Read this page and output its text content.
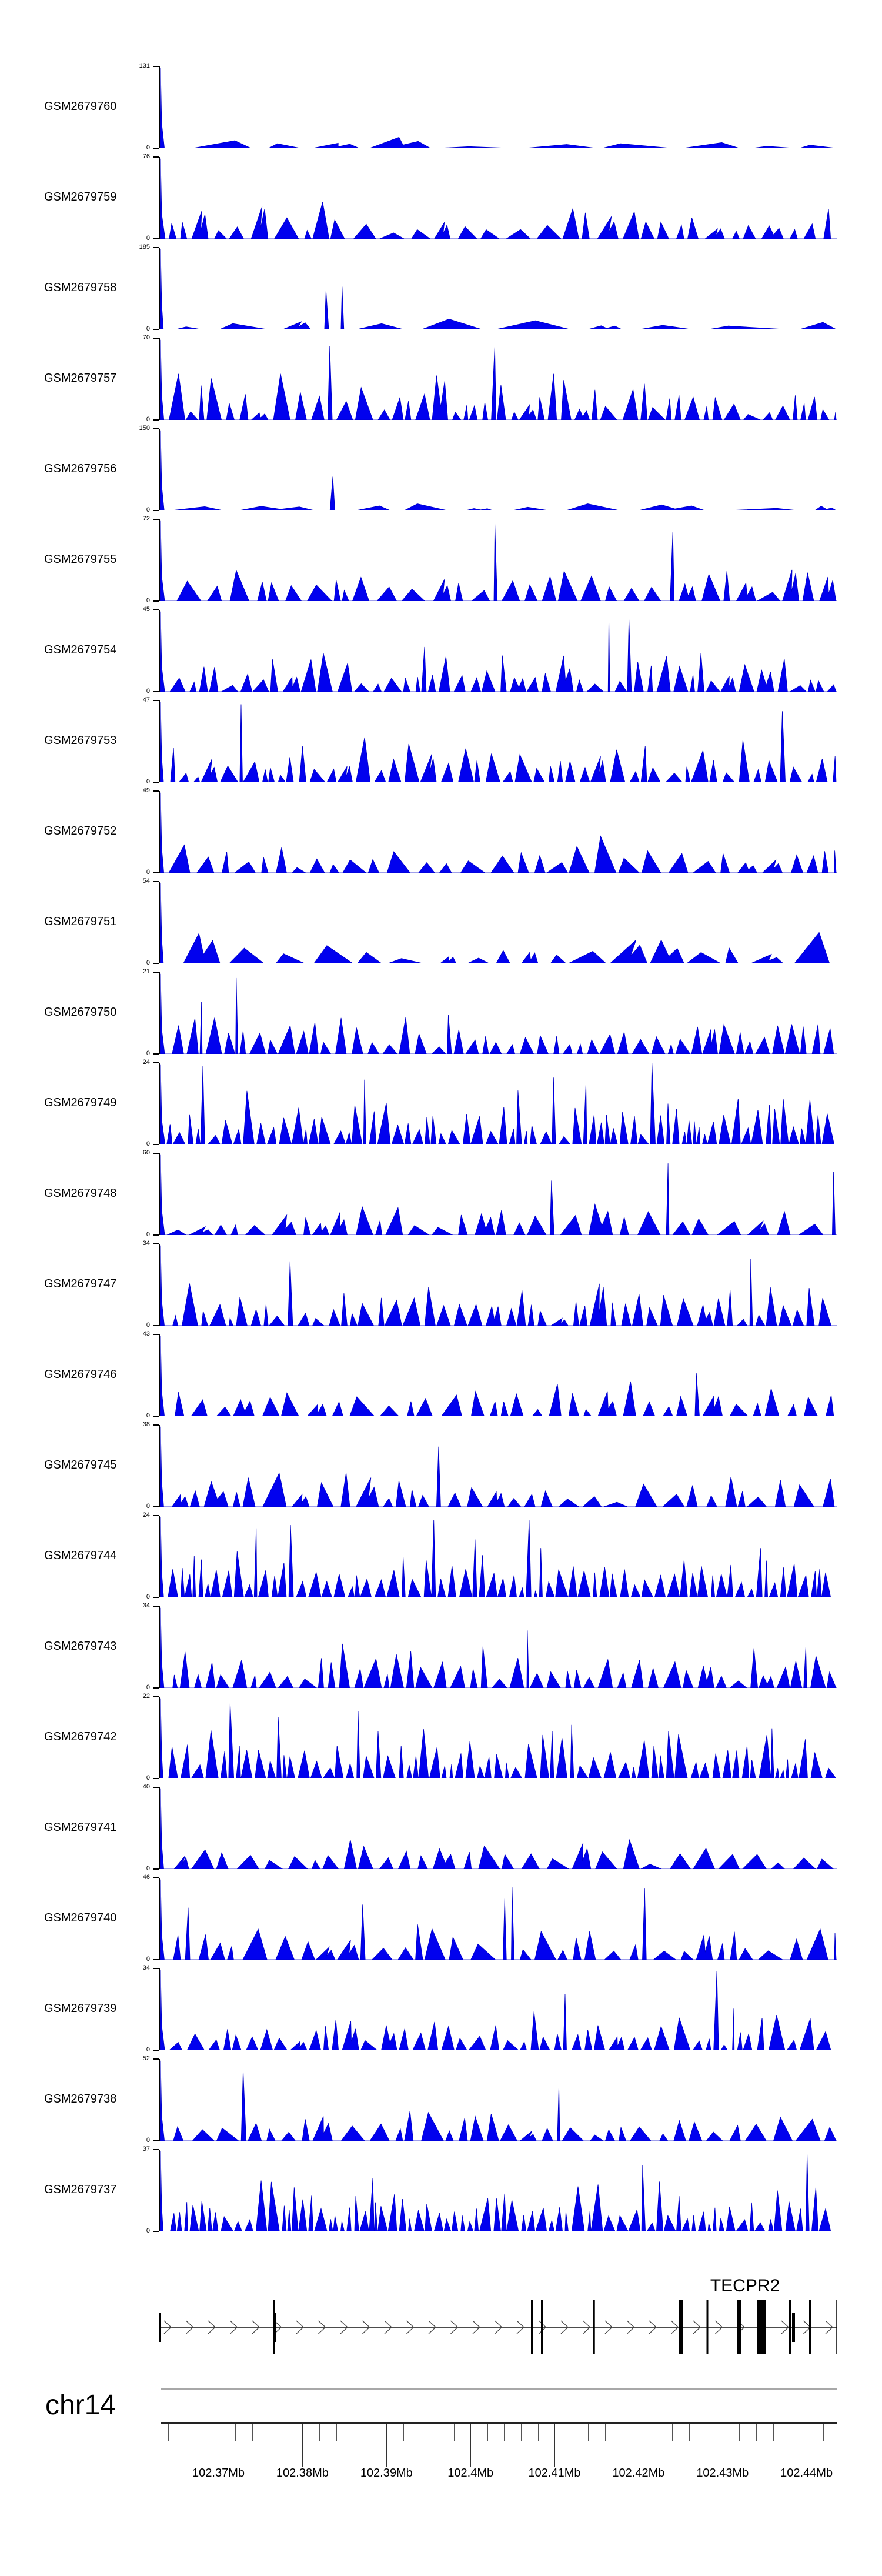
GSM2679760
131
0
GSM2679759
76
0
GSM2679758
185
0
GSM2679757
70
0
GSM2679756
150
0
GSM2679755
72
0
GSM2679754
45
0
GSM2679753
47
0
GSM2679752
49
0
GSM2679751
54
0
GSM2679750
21
0
GSM2679749
24
0
GSM2679748
60
0
GSM2679747
34
0
GSM2679746
43
0
GSM2679745
38
0
GSM2679744
24
0
GSM2679743
34
0
GSM2679742
22
0
GSM2679741
40
0
GSM2679740
46
0
GSM2679739
34
0
GSM2679738
52
0
GSM2679737
37
0
TECPR2
chr14
102.37Mb	102.38Mb	102.39Mb	102.4Mb	102.41Mb	102.42Mb	102.43Mb	102.44Mb
